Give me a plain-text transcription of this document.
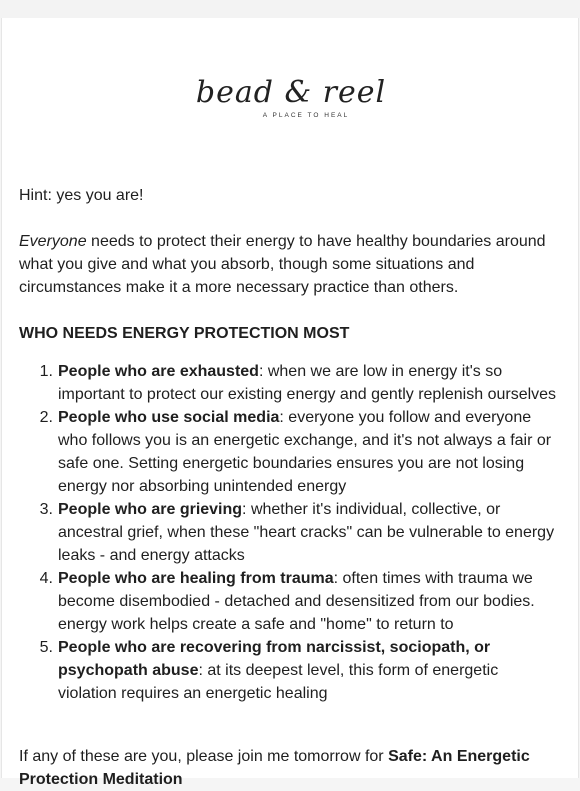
bead & reel
A PLACE TO HEAL

Hint: yes you are!

Everyone needs to protect their energy to have healthy boundaries around what you give and what you absorb, though some situations and circumstances make it a more necessary practice than others.

WHO NEEDS ENERGY PROTECTION MOST

1. People who are exhausted: when we are low in energy it's so important to protect our existing energy and gently replenish ourselves
2. People who use social media: everyone you follow and everyone who follows you is an energetic exchange, and it's not always a fair or safe one. Setting energetic boundaries ensures you are not losing energy nor absorbing unintended energy
3. People who are grieving: whether it's individual, collective, or ancestral grief, when these "heart cracks" can be vulnerable to energy leaks - and energy attacks
4. People who are healing from trauma: often times with trauma we become disembodied - detached and desensitized from our bodies. energy work helps create a safe and "home" to return to
5. People who are recovering from narcissist, sociopath, or psychopath abuse: at its deepest level, this form of energetic violation requires an energetic healing

If any of these are you, please join me tomorrow for Safe: An Energetic Protection Meditation
